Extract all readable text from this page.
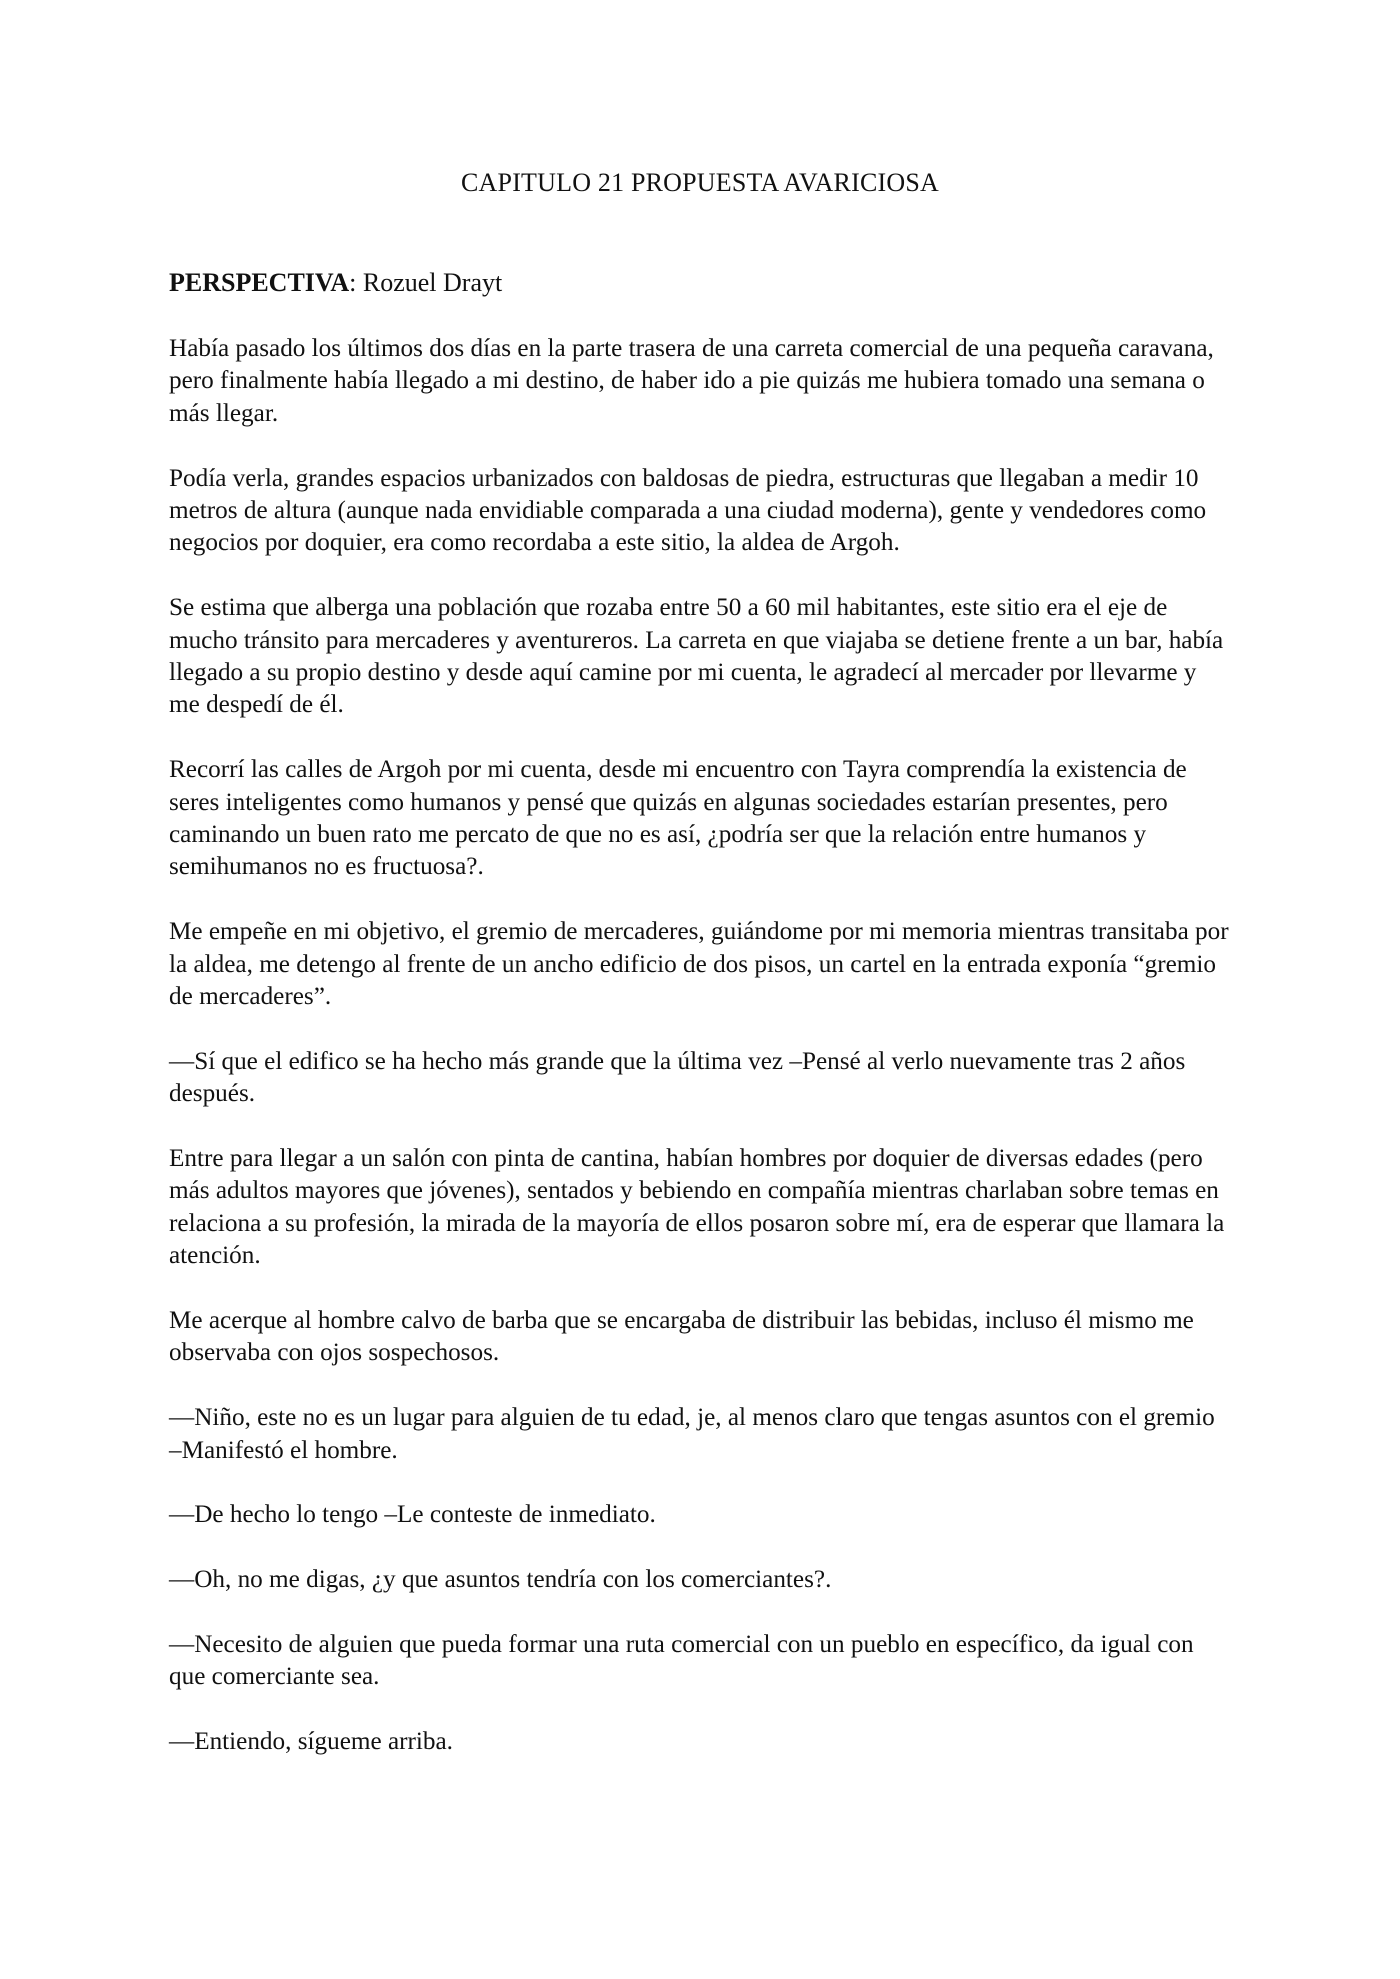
CAPITULO 21 PROPUESTA AVARICIOSA
PERSPECTIVA: Rozuel Drayt

Había pasado los últimos dos días en la parte trasera de una carreta comercial de una pequeña caravana, pero finalmente había llegado a mi destino, de haber ido a pie quizás me hubiera tomado una semana o más llegar.

Podía verla, grandes espacios urbanizados con baldosas de piedra, estructuras que llegaban a medir 10 metros de altura (aunque nada envidiable comparada a una ciudad moderna), gente y vendedores como negocios por doquier, era como recordaba a este sitio, la aldea de Argoh.

Se estima que alberga una población que rozaba entre 50 a 60 mil habitantes, este sitio era el eje de mucho tránsito para mercaderes y aventureros. La carreta en que viajaba se detiene frente a un bar, había llegado a su propio destino y desde aquí camine por mi cuenta, le agradecí al mercader por llevarme y me despedí de él.

Recorrí las calles de Argoh por mi cuenta, desde mi encuentro con Tayra comprendía la existencia de seres inteligentes como humanos y pensé que quizás en algunas sociedades estarían presentes, pero caminando un buen rato me percato de que no es así, ¿podría ser que la relación entre humanos y semihumanos no es fructuosa?.

Me empeñe en mi objetivo, el gremio de mercaderes, guiándome por mi memoria mientras transitaba por la aldea, me detengo al frente de un ancho edificio de dos pisos, un cartel en la entrada exponía “gremio de mercaderes”.

—Sí que el edifico se ha hecho más grande que la última vez –Pensé al verlo nuevamente tras 2 años después.

Entre para llegar a un salón con pinta de cantina, habían hombres por doquier de diversas edades (pero más adultos mayores que jóvenes), sentados y bebiendo en compañía mientras charlaban sobre temas en relaciona a su profesión, la mirada de la mayoría de ellos posaron sobre mí, era de esperar que llamara la atención.

Me acerque al hombre calvo de barba que se encargaba de distribuir las bebidas, incluso él mismo me observaba con ojos sospechosos.

—Niño, este no es un lugar para alguien de tu edad, je, al menos claro que tengas asuntos con el gremio –Manifestó el hombre.

—De hecho lo tengo –Le conteste de inmediato.

—Oh, no me digas, ¿y que asuntos tendría con los comerciantes?.

—Necesito de alguien que pueda formar una ruta comercial con un pueblo en específico, da igual con que comerciante sea.

—Entiendo, sígueme arriba.
